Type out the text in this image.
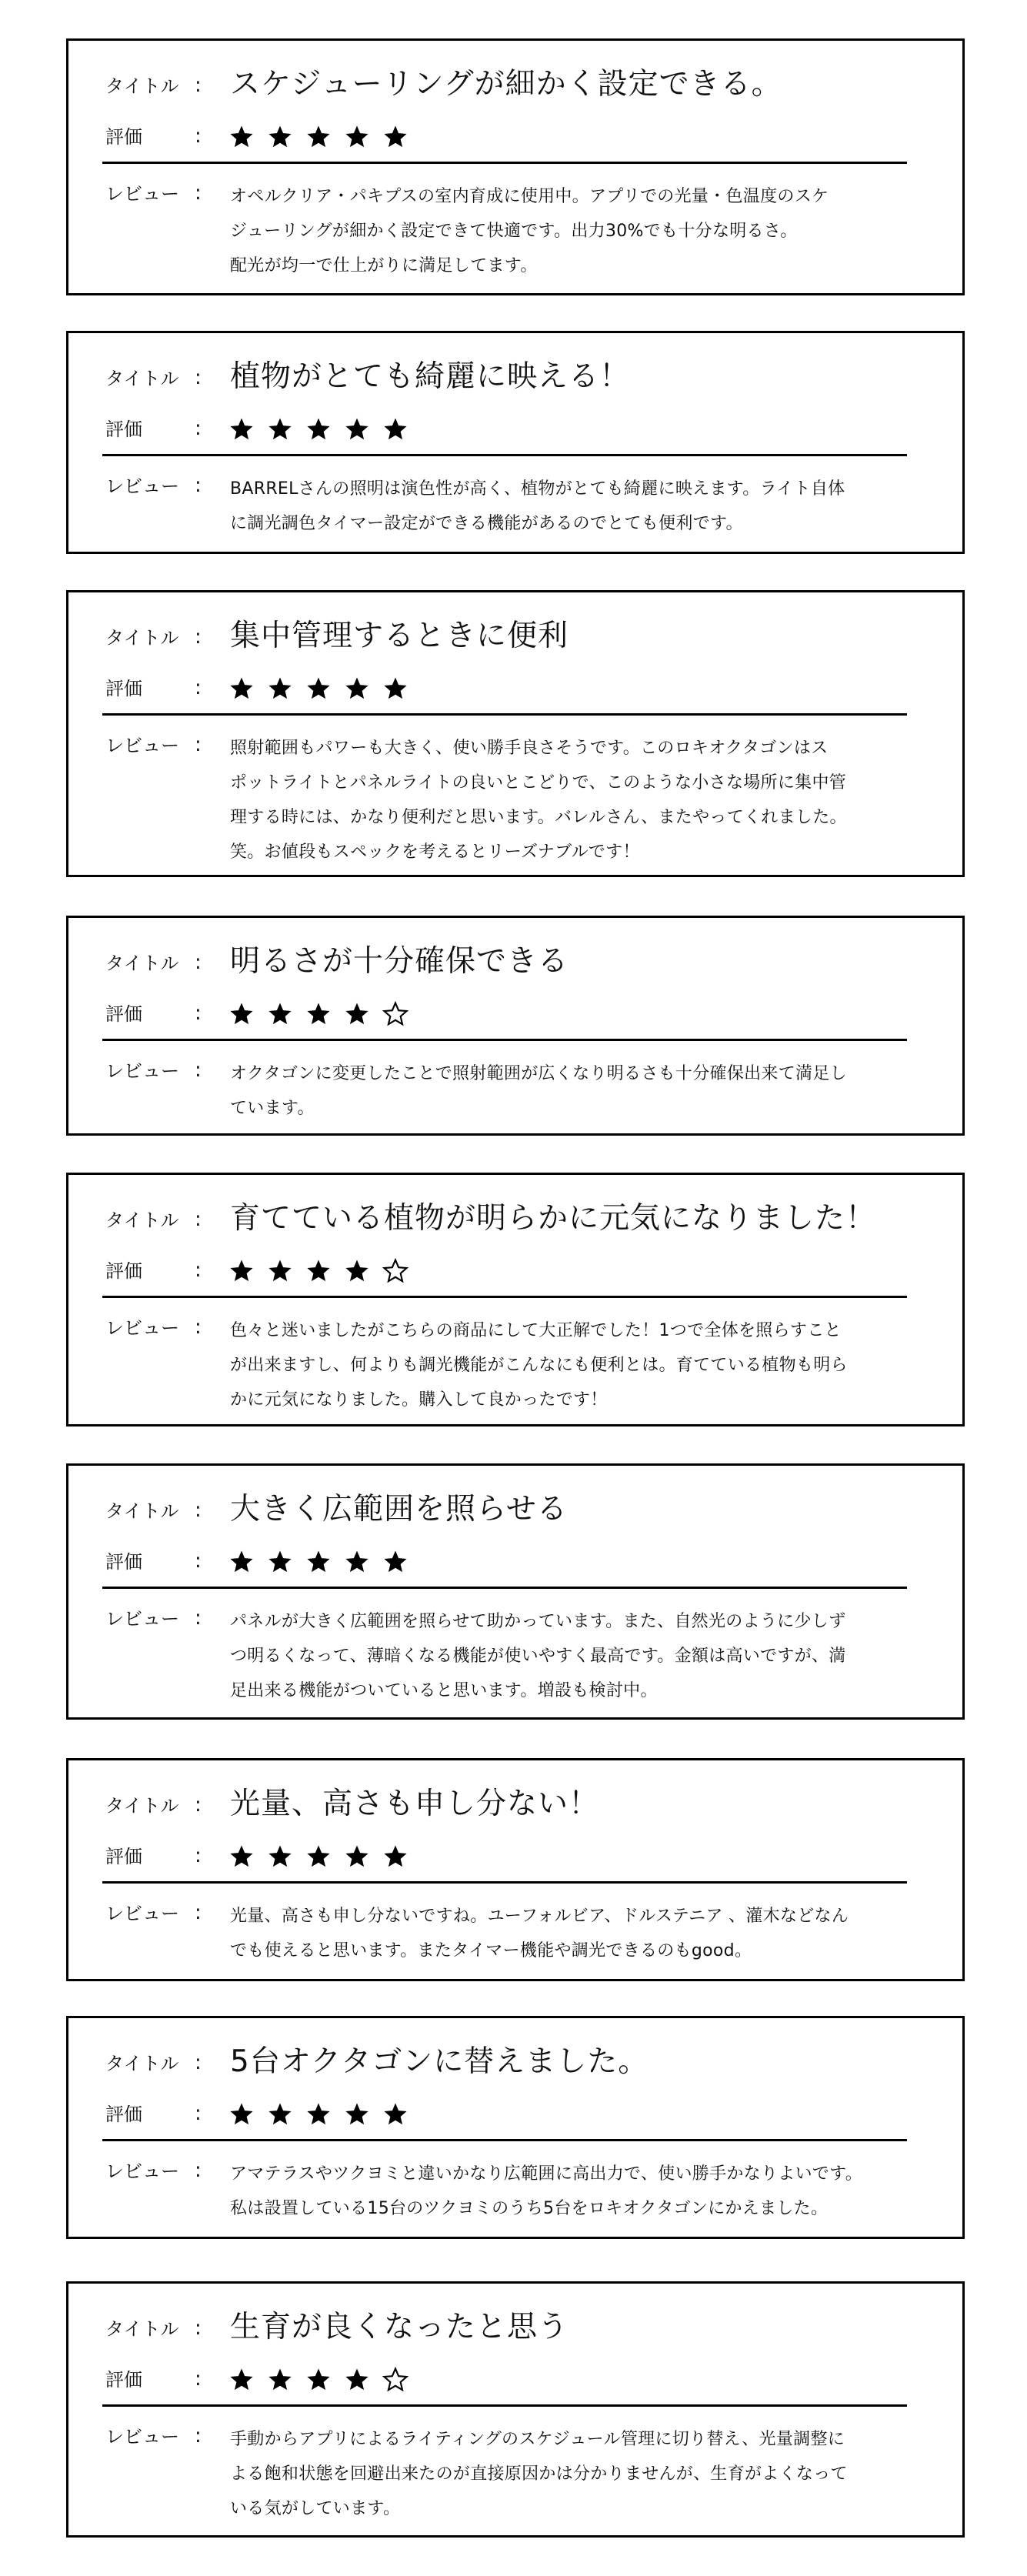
タイトル : スケジューリングが細かく設定できる。
評価	:
レビュー : オペルクリア・パキプスの室内育成に使用中。アプリでの光量・色温度のスケ
ジューリングが細かく設定できて快適です。出力30%でも十分な明るさ。
配光が均一で仕上がりに満足してます。
タイトル : 植物がとても綺麗に映える！
評価	:
レビュー : BARRELさんの照明は演色性が高く、植物がとても綺麗に映えます。ライト自体
に調光調色タイマー設定ができる機能があるのでとても便利です。
タイトル : 集中管理するときに便利
評価	:
レビュー : 照射範囲もパワーも大きく、使い勝手良さそうです。このロキオクタゴンはス
ポットライトとパネルライトの良いとこどりで、このような小さな場所に集中管
理する時には、かなり便利だと思います。バレルさん、またやってくれました。
笑。お値段もスペックを考えるとリーズナブルです！
タイトル : 明るさが十分確保できる
評価	:
レビュー : オクタゴンに変更したことで照射範囲が広くなり明るさも十分確保出来て満足し
ています。
タイトル : 育てている植物が明らかに元気になりました！
評価	:
レビュー : 色々と迷いましたがこちらの商品にして大正解でした！1つで全体を照らすこと
が出来ますし、何よりも調光機能がこんなにも便利とは。育てている植物も明ら
かに元気になりました。購入して良かったです！
タイトル : 大きく広範囲を照らせる
評価	:
レビュー : パネルが大きく広範囲を照らせて助かっています。また、自然光のように少しず
つ明るくなって、薄暗くなる機能が使いやすく最高です。金額は高いですが、満
足出来る機能がついていると思います。増設も検討中。
タイトル : 光量、高さも申し分ない！
評価	:
レビュー : 光量、高さも申し分ないですね。ユーフォルビア、ドルステニア 、灌木などなん
でも使えると思います。またタイマー機能や調光できるのもgood。
タイトル : 5台オクタゴンに替えました。
評価	:
レビュー : アマテラスやツクヨミと違いかなり広範囲に高出力で、使い勝手かなりよいです。
私は設置している15台のツクヨミのうち5台をロキオクタゴンにかえました。
タイトル : 生育が良くなったと思う
評価	:
レビュー : 手動からアプリによるライティングのスケジュール管理に切り替え、光量調整に
よる飽和状態を回避出来たのが直接原因かは分かりませんが、生育がよくなって
いる気がしています。
